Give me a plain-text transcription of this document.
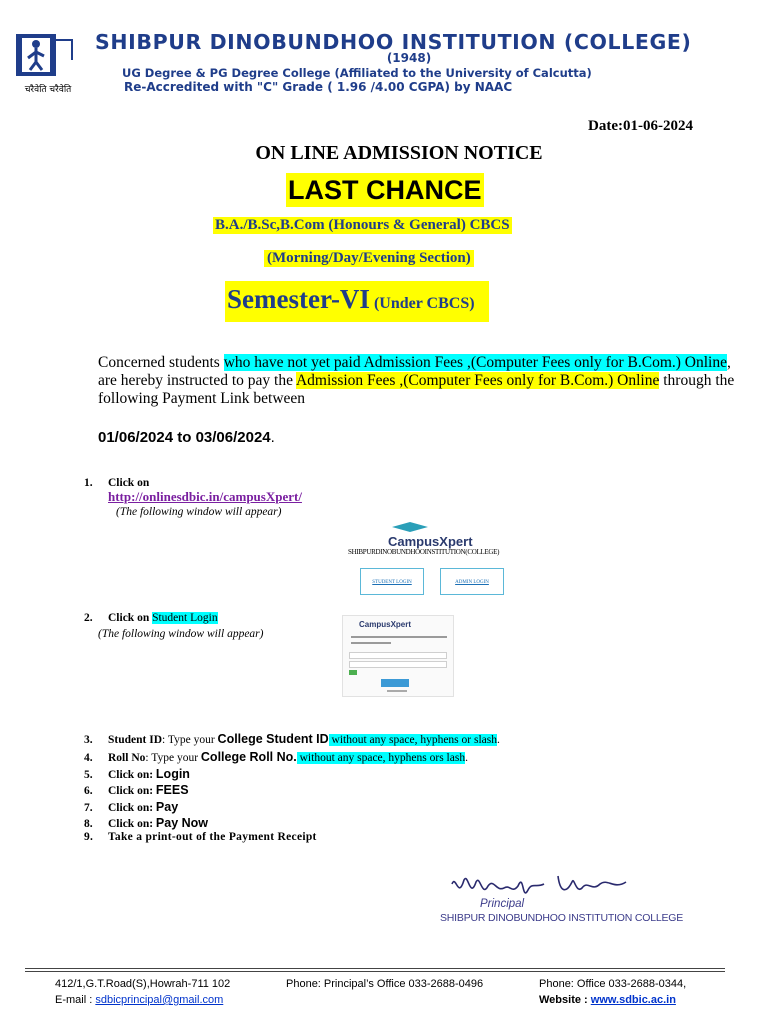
चरैवेति चरैवेति
SHIBPUR DINOBUNDHOO INSTITUTION (COLLEGE)
(1948)
UG Degree & PG Degree College (Affiliated to the University of Calcutta)
Re-Accredited with "C" Grade ( 1.96 /4.00 CGPA) by NAAC
Date:01-06-2024
ON LINE ADMISSION NOTICE
LAST CHANCE
B.A./B.Sc,B.Com (Honours & General) CBCS
(Morning/Day/Evening Section)
Semester-VI (Under CBCS)
Concerned students who have not yet paid Admission Fees ,(Computer Fees only for B.Com.) Online, are hereby instructed to pay the Admission Fees ,(Computer Fees only for B.Com.) Online through the following Payment Link between
01/06/2024 to 03/06/2024.
1. Click on
http://onlinesdbic.in/campusXpert/
(The following window will appear)
CampusXpert
SHIBPURDINOBUNDHOOINSTITUTION(COLLEGE)
STUDENT LOGIN	ADMIN LOGIN
2. Click on Student Login
(The following window will appear)
CampusXpert
3. Student ID: Type your College Student ID without any space, hyphens or slash.
4. Roll No: Type your College Roll No. without any space, hyphens ors lash.
5. Click on: Login
6. Click on: FEES
7. Click on: Pay
8. Click on: Pay Now
9. Take a print-out of the Payment Receipt
Principal
SHIBPUR DINOBUNDHOO INSTITUTION COLLEGE
412/1,G.T.Road(S),Howrah-711 102	Phone: Principal’s Office 033-2688-0496	Phone: Office 033-2688-0344,
E-mail : sdbicprincipal@gmail.com	Website : www.sdbic.ac.in
